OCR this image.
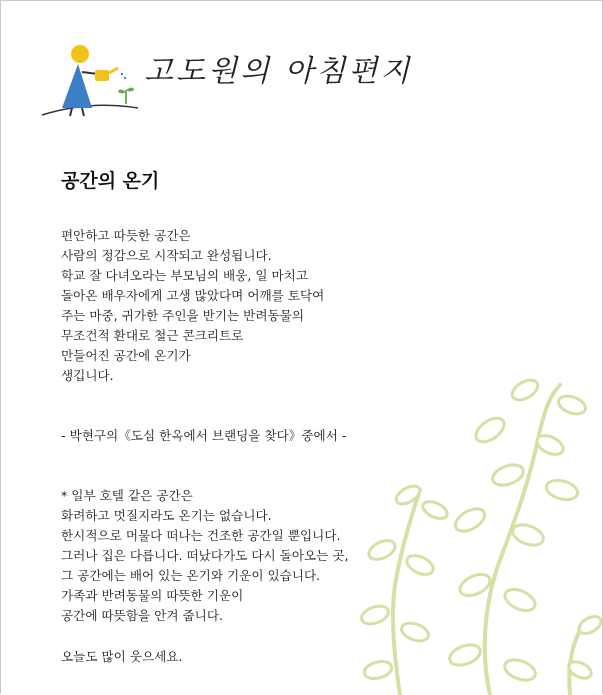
고도원의 아침편지
공간의 온기
편안하고 따듯한 공간은
사람의 정감으로 시작되고 완성됩니다.
학교 잘 다녀오라는 부모님의 배웅, 일 마치고
돌아온 배우자에게 고생 많았다며 어깨를 토닥여
주는 마중, 귀가한 주인을 반기는 반려동물의
무조건적 환대로 철근 콘크리트로
만들어진 공간에 온기가
생깁니다.
- 박현구의《도심 한옥에서 브랜딩을 찾다》중에서 -
* 일부 호텔 같은 공간은
화려하고 멋질지라도 온기는 없습니다.
한시적으로 머물다 떠나는 건조한 공간일 뿐입니다.
그러나 집은 다릅니다. 떠났다가도 다시 돌아오는 곳,
그 공간에는 배어 있는 온기와 기운이 있습니다.
가족과 반려동물의 따뜻한 기운이
공간에 따뜻함을 안겨 줍니다.
오늘도 많이 웃으세요.
